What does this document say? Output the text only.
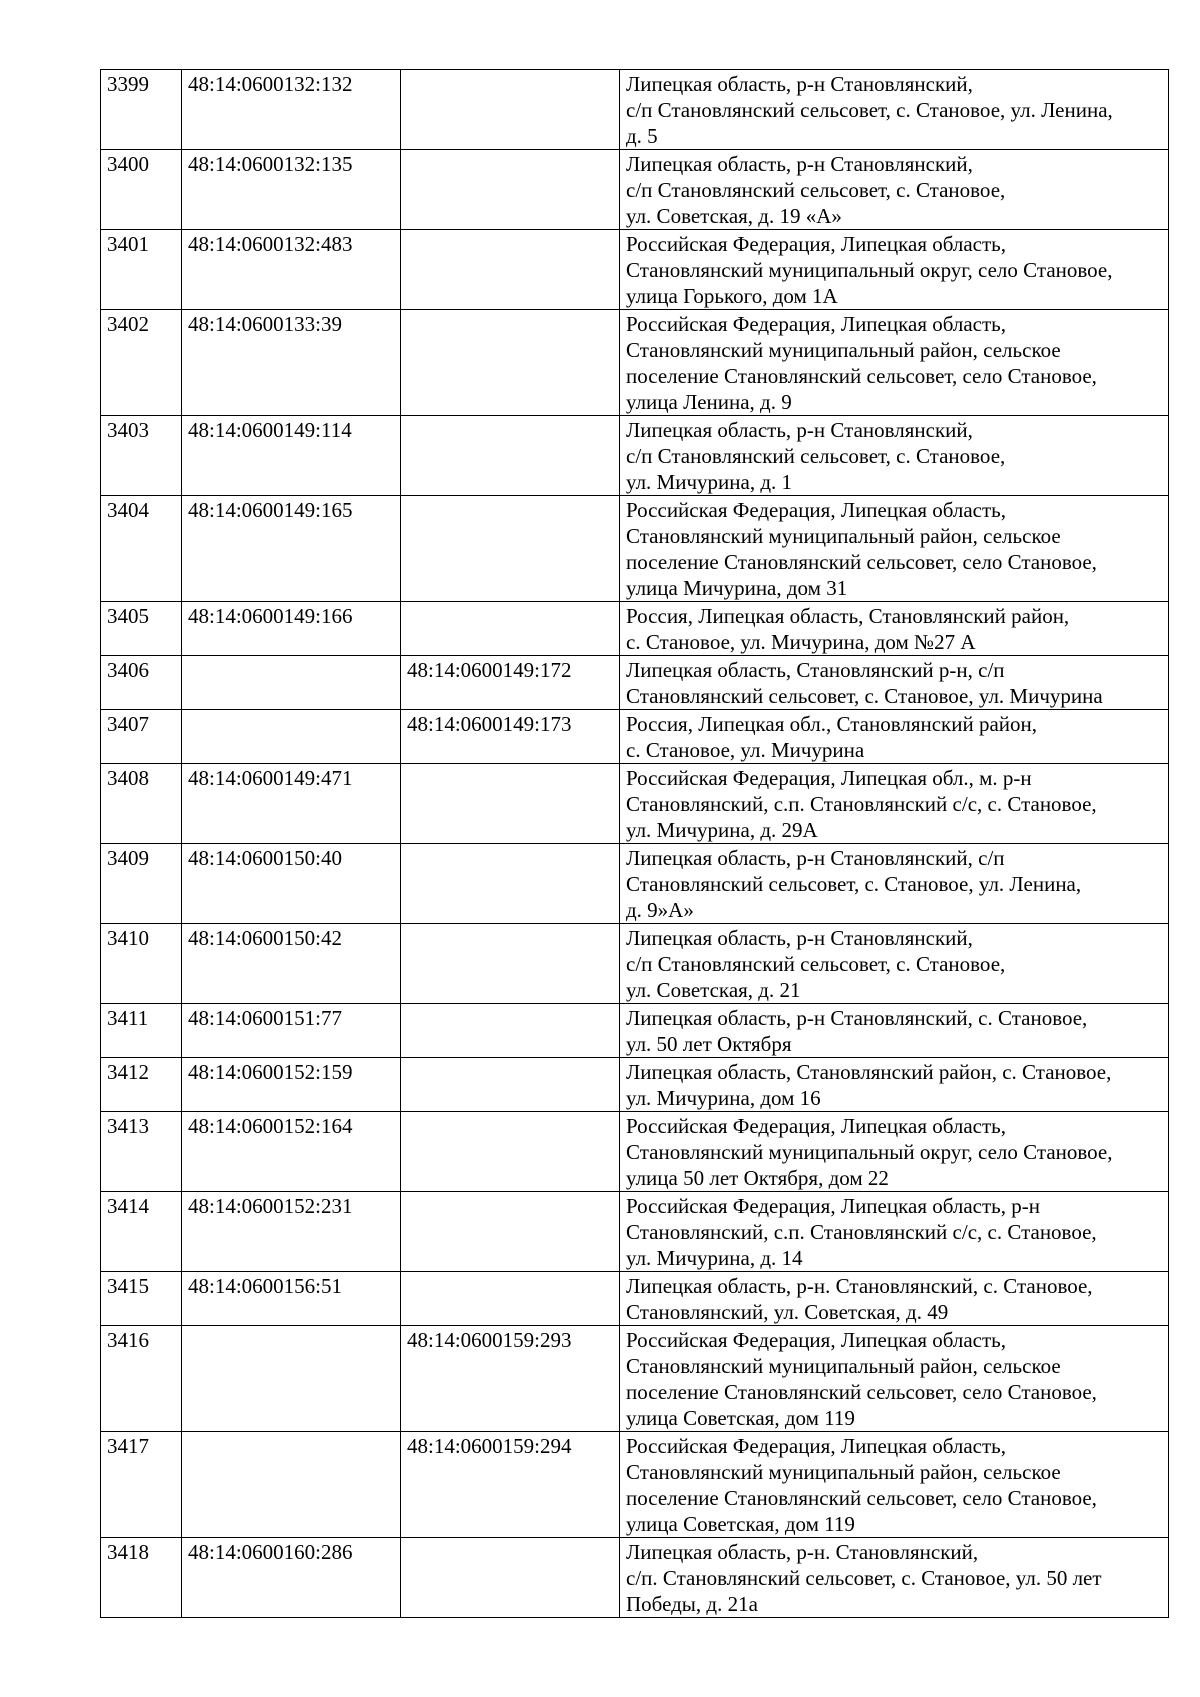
3399	48:14:0600132:132		Липецкая область, р-н Становлянский,
с/п Становлянский сельсовет, с. Становое, ул. Ленина,
д. 5

3400	48:14:0600132:135		Липецкая область, р-н Становлянский,
с/п Становлянский сельсовет, с. Становое,
ул. Советская, д. 19 «А»

3401	48:14:0600132:483		Российская Федерация, Липецкая область,
Становлянский муниципальный округ, село Становое,
улица Горького, дом 1А

3402	48:14:0600133:39		Российская Федерация, Липецкая область,
Становлянский муниципальный район, сельское
поселение Становлянский сельсовет, село Становое,
улица Ленина, д. 9

3403	48:14:0600149:114		Липецкая область, р-н Становлянский,
с/п Становлянский сельсовет, с. Становое,
ул. Мичурина, д. 1

3404	48:14:0600149:165		Российская Федерация, Липецкая область,
Становлянский муниципальный район, сельское
поселение Становлянский сельсовет, село Становое,
улица Мичурина, дом 31

3405	48:14:0600149:166		Россия, Липецкая область, Становлянский район,
с. Становое, ул. Мичурина, дом №27 А

3406		48:14:0600149:172	Липецкая область, Становлянский р-н, с/п
Становлянский сельсовет, с. Становое, ул. Мичурина

3407		48:14:0600149:173	Россия, Липецкая обл., Становлянский район,
с. Становое, ул. Мичурина

3408	48:14:0600149:471		Российская Федерация, Липецкая обл., м. р-н
Становлянский, с.п. Становлянский с/с, с. Становое,
ул. Мичурина, д. 29А

3409	48:14:0600150:40		Липецкая область, р-н Становлянский, с/п
Становлянский сельсовет, с. Становое, ул. Ленина,
д. 9»А»

3410	48:14:0600150:42		Липецкая область, р-н Становлянский,
с/п Становлянский сельсовет, с. Становое,
ул. Советская, д. 21

3411	48:14:0600151:77		Липецкая область, р-н Становлянский, с. Становое,
ул. 50 лет Октября

3412	48:14:0600152:159		Липецкая область, Становлянский район, с. Становое,
ул. Мичурина, дом 16

3413	48:14:0600152:164		Российская Федерация, Липецкая область,
Становлянский муниципальный округ, село Становое,
улица 50 лет Октября, дом 22

3414	48:14:0600152:231		Российская Федерация, Липецкая область, р-н
Становлянский, с.п. Становлянский с/с, с. Становое,
ул. Мичурина, д. 14

3415	48:14:0600156:51		Липецкая область, р-н. Становлянский, с. Становое,
Становлянский, ул. Советская, д. 49

3416		48:14:0600159:293	Российская Федерация, Липецкая область,
Становлянский муниципальный район, сельское
поселение Становлянский сельсовет, село Становое,
улица Советская, дом 119

3417		48:14:0600159:294	Российская Федерация, Липецкая область,
Становлянский муниципальный район, сельское
поселение Становлянский сельсовет, село Становое,
улица Советская, дом 119

3418	48:14:0600160:286		Липецкая область, р-н. Становлянский,
с/п. Становлянский сельсовет, с. Становое, ул. 50 лет
Победы, д. 21а
